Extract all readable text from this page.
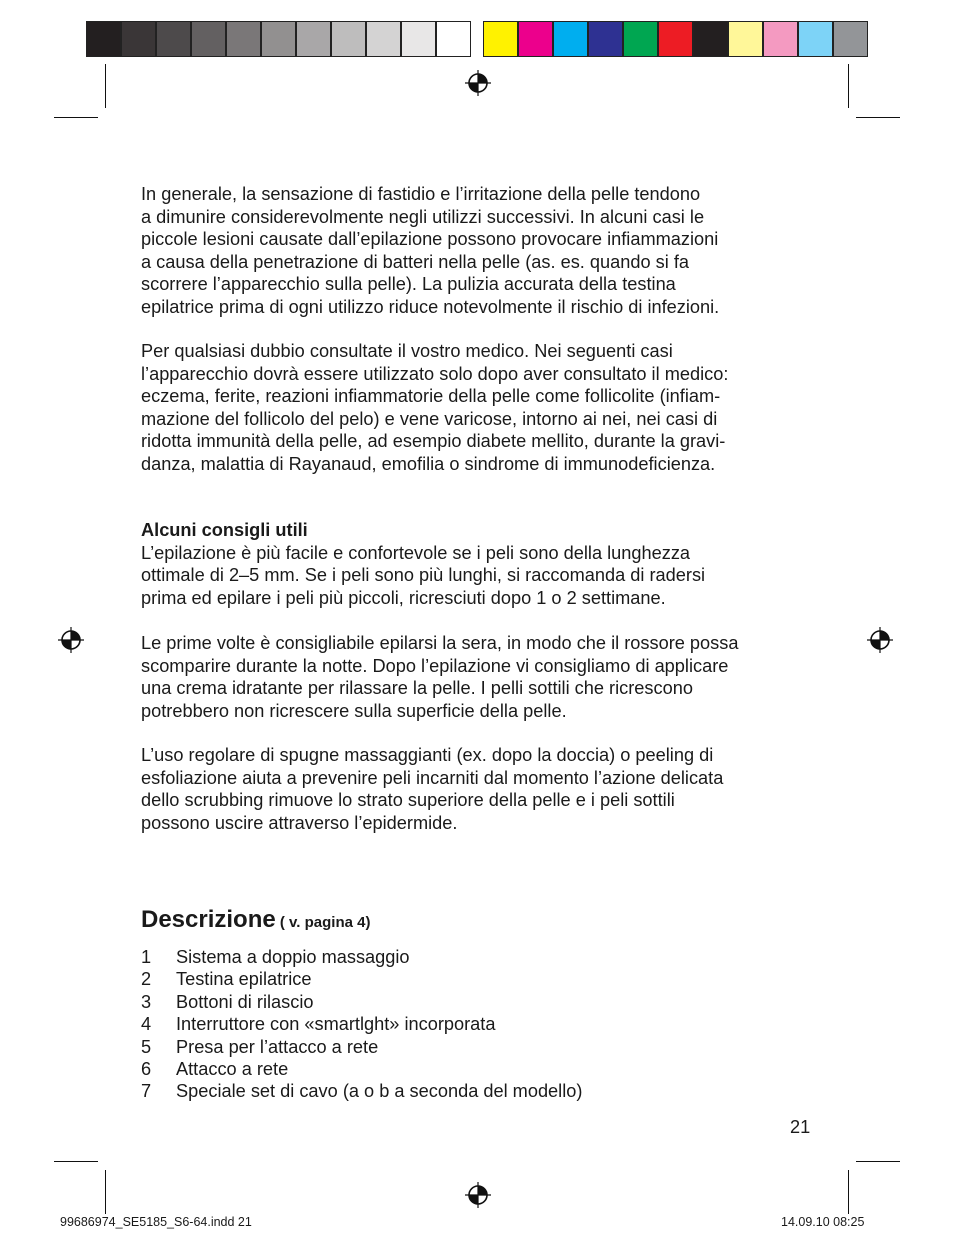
In generale, la sensazione di fastidio e l’irritazione della pelle tendono
a dimunire considerevolmente negli utilizzi successivi. In alcuni casi le
piccole lesioni causate dall’epilazione possono provocare infiammazioni
a causa della penetrazione di batteri nella pelle (as. es. quando si fa
scorrere l’apparecchio sulla pelle). La pulizia accurata della testina
epilatrice prima di ogni utilizzo riduce notevolmente il rischio di infezioni.

Per qualsiasi dubbio consultate il vostro medico. Nei seguenti casi
l’apparecchio dovrà essere utilizzato solo dopo aver consultato il medico:
eczema, ferite, reazioni infiammatorie della pelle come follicolite (infiam-
mazione del follicolo del pelo) e vene varicose, intorno ai nei, nei casi di
ridotta immunità della pelle, ad esempio diabete mellito, durante la gravi-
danza, malattia di Rayanaud, emofilia o sindrome di immunodeficienza.

Alcuni consigli utili
L’epilazione è più facile e confortevole se i peli sono della lunghezza
ottimale di 2–5 mm. Se i peli sono più lunghi, si raccomanda di radersi
prima ed epilare i peli più piccoli, ricresciuti dopo 1 o 2 settimane.

Le prime volte è consigliabile epilarsi la sera, in modo che il rossore possa
scomparire durante la notte. Dopo l’epilazione vi consigliamo di applicare
una crema idratante per rilassare la pelle. I pelli sottili che ricrescono
potrebbero non ricrescere sulla superficie della pelle.

L’uso regolare di spugne massaggianti (ex. dopo la doccia) o peeling di
esfoliazione aiuta a prevenire peli incarniti dal momento l’azione delicata
dello scrubbing rimuove lo strato superiore della pelle e i peli sottili
possono uscire attraverso l’epidermide.

Descrizione ( v. pagina 4)
1	Sistema a doppio massaggio
2	Testina epilatrice
3	Bottoni di rilascio
4	Interruttore con «smartlght» incorporata
5	Presa per l’attacco a rete
6	Attacco a rete
7	Speciale set di cavo (a o b a seconda del modello)
21
99686974_SE5185_S6-64.indd 21	14.09.10 08:25
